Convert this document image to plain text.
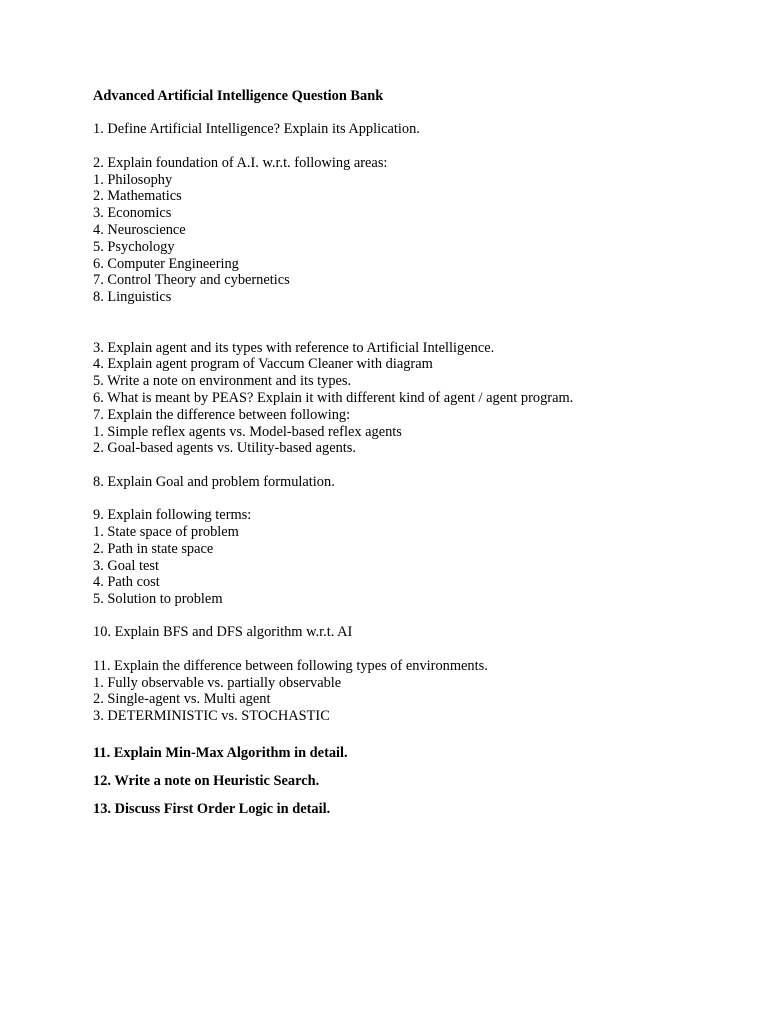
Advanced Artificial Intelligence Question Bank
1. Define Artificial Intelligence? Explain its Application.
2. Explain foundation of A.I. w.r.t. following areas:
1. Philosophy
2. Mathematics
3. Economics
4. Neuroscience
5. Psychology
6. Computer Engineering
7. Control Theory and cybernetics
8. Linguistics
3. Explain agent and its types with reference to Artificial Intelligence.
4. Explain agent program of Vaccum Cleaner with diagram
5. Write a note on environment and its types.
6. What is meant by PEAS? Explain it with different kind of agent / agent program.
7. Explain the difference between following:
1. Simple reflex agents vs. Model-based reflex agents
2. Goal-based agents vs. Utility-based agents.
8. Explain Goal and problem formulation.
9. Explain following terms:
1. State space of problem
2. Path in state space
3. Goal test
4. Path cost
5. Solution to problem
10. Explain BFS and DFS algorithm w.r.t. AI
11. Explain the difference between following types of environments.
1. Fully observable vs. partially observable
2. Single-agent vs. Multi agent
3. DETERMINISTIC vs. STOCHASTIC
11. Explain Min-Max Algorithm in detail.
12. Write a note on Heuristic Search.
13. Discuss First Order Logic in detail.
